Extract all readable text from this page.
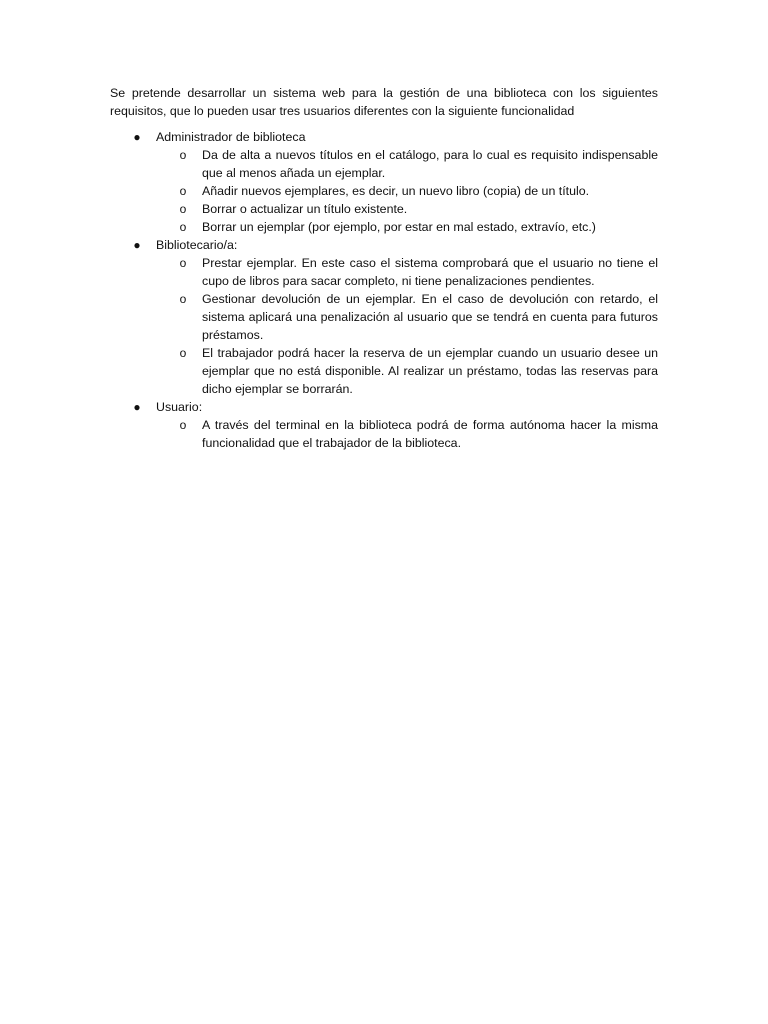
Se pretende desarrollar un sistema web para la gestión de una biblioteca con los siguientes requisitos, que lo pueden usar tres usuarios diferentes con la siguiente funcionalidad

● Administrador de biblioteca
o Da de alta a nuevos títulos en el catálogo, para lo cual es requisito indispensable que al menos añada un ejemplar.
o Añadir nuevos ejemplares, es decir, un nuevo libro (copia) de un título.
o Borrar o actualizar un título existente.
o Borrar un ejemplar (por ejemplo, por estar en mal estado, extravío, etc.)
● Bibliotecario/a:
o Prestar ejemplar. En este caso el sistema comprobará que el usuario no tiene el cupo de libros para sacar completo, ni tiene penalizaciones pendientes.
o Gestionar devolución de un ejemplar. En el caso de devolución con retardo, el sistema aplicará una penalización al usuario que se tendrá en cuenta para futuros préstamos.
o El trabajador podrá hacer la reserva de un ejemplar cuando un usuario desee un ejemplar que no está disponible. Al realizar un préstamo, todas las reservas para dicho ejemplar se borrarán.
● Usuario:
o A través del terminal en la biblioteca podrá de forma autónoma hacer la misma funcionalidad que el trabajador de la biblioteca.
